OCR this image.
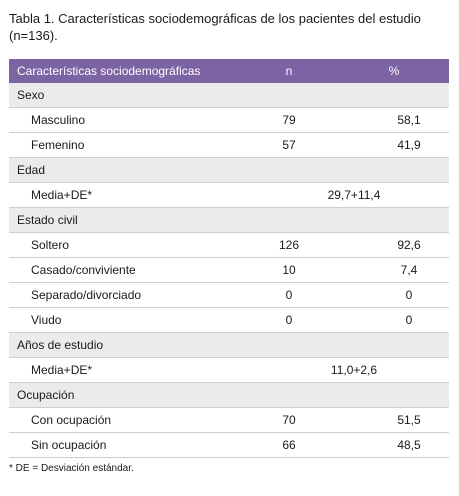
Tabla 1. Características sociodemográficas de los pacientes del estudio (n=136).
Características sociodemográficas	n	%
Sexo		
Masculino	79	58,1
Femenino	57	41,9
Edad		
Media+DE*	29,7+11,4	
Estado civil		
Soltero	126	92,6
Casado/conviviente	10	7,4
Separado/divorciado	0	0
Viudo	0	0
Años de estudio		
Media+DE*	11,0+2,6	
Ocupación		
Con ocupación	70	51,5
Sin ocupación	66	48,5
* DE = Desviación estándar.
